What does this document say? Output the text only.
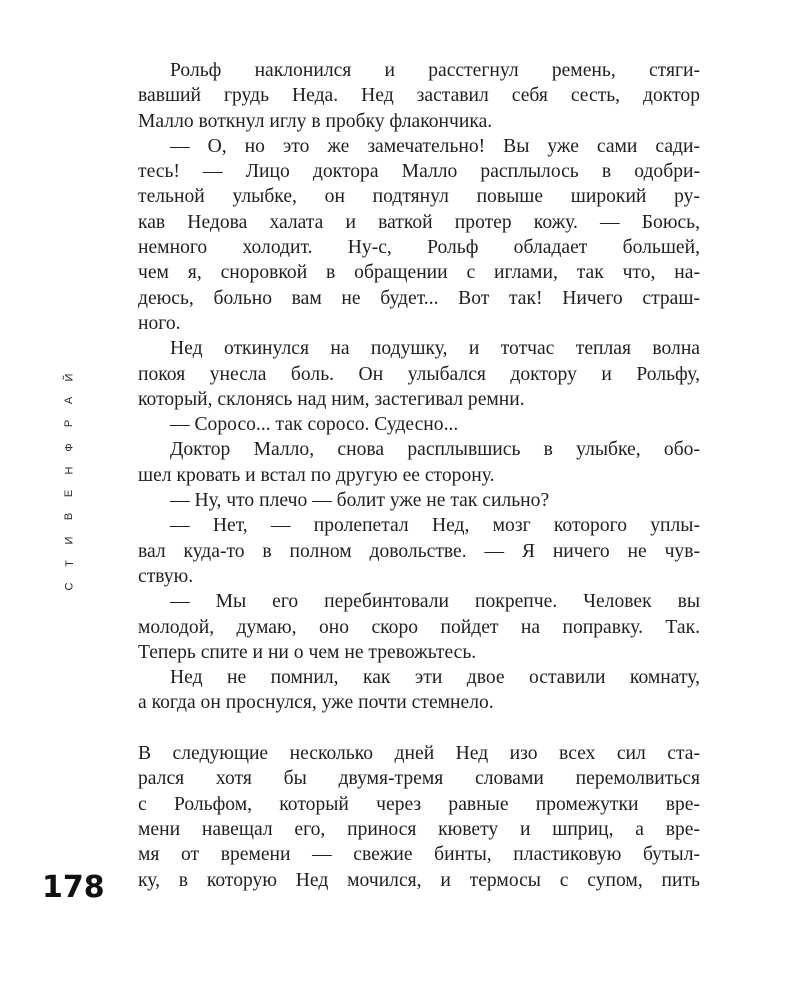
Й
А
Р
Ф
Н
Е
В
И
Т
С
178
Рольф наклонился и расстегнул ремень, стяги-
вавший грудь Неда. Нед заставил себя сесть, доктор
Малло воткнул иглу в пробку флакончика.
— О, но это же замечательно! Вы уже сами сади-
тесь! — Лицо доктора Малло расплылось в одобри-
тельной улыбке, он подтянул повыше широкий ру-
кав Недова халата и ваткой протер кожу. — Боюсь,
немного холодит. Ну-с, Рольф обладает большей,
чем я, сноровкой в обращении с иглами, так что, на-
деюсь, больно вам не будет... Вот так! Ничего страш-
ного.
Нед откинулся на подушку, и тотчас теплая волна
покоя унесла боль. Он улыбался доктору и Рольфу,
который, склонясь над ним, застегивал ремни.
— Соросо... так соросо. Судесно...
Доктор Малло, снова расплывшись в улыбке, обо-
шел кровать и встал по другую ее сторону.
— Ну, что плечо — болит уже не так сильно?
— Нет, — пролепетал Нед, мозг которого уплы-
вал куда-то в полном довольстве. — Я ничего не чув-
ствую.
— Мы его перебинтовали покрепче. Человек вы
молодой, думаю, оно скоро пойдет на поправку. Так.
Теперь спите и ни о чем не тревожьтесь.
Нед не помнил, как эти двое оставили комнату,
а когда он проснулся, уже почти стемнело.
В следующие несколько дней Нед изо всех сил ста-
рался хотя бы двумя-тремя словами перемолвиться
с Рольфом, который через равные промежутки вре-
мени навещал его, принося кювету и шприц, а вре-
мя от времени — свежие бинты, пластиковую бутыл-
ку, в которую Нед мочился, и термосы с супом, пить
